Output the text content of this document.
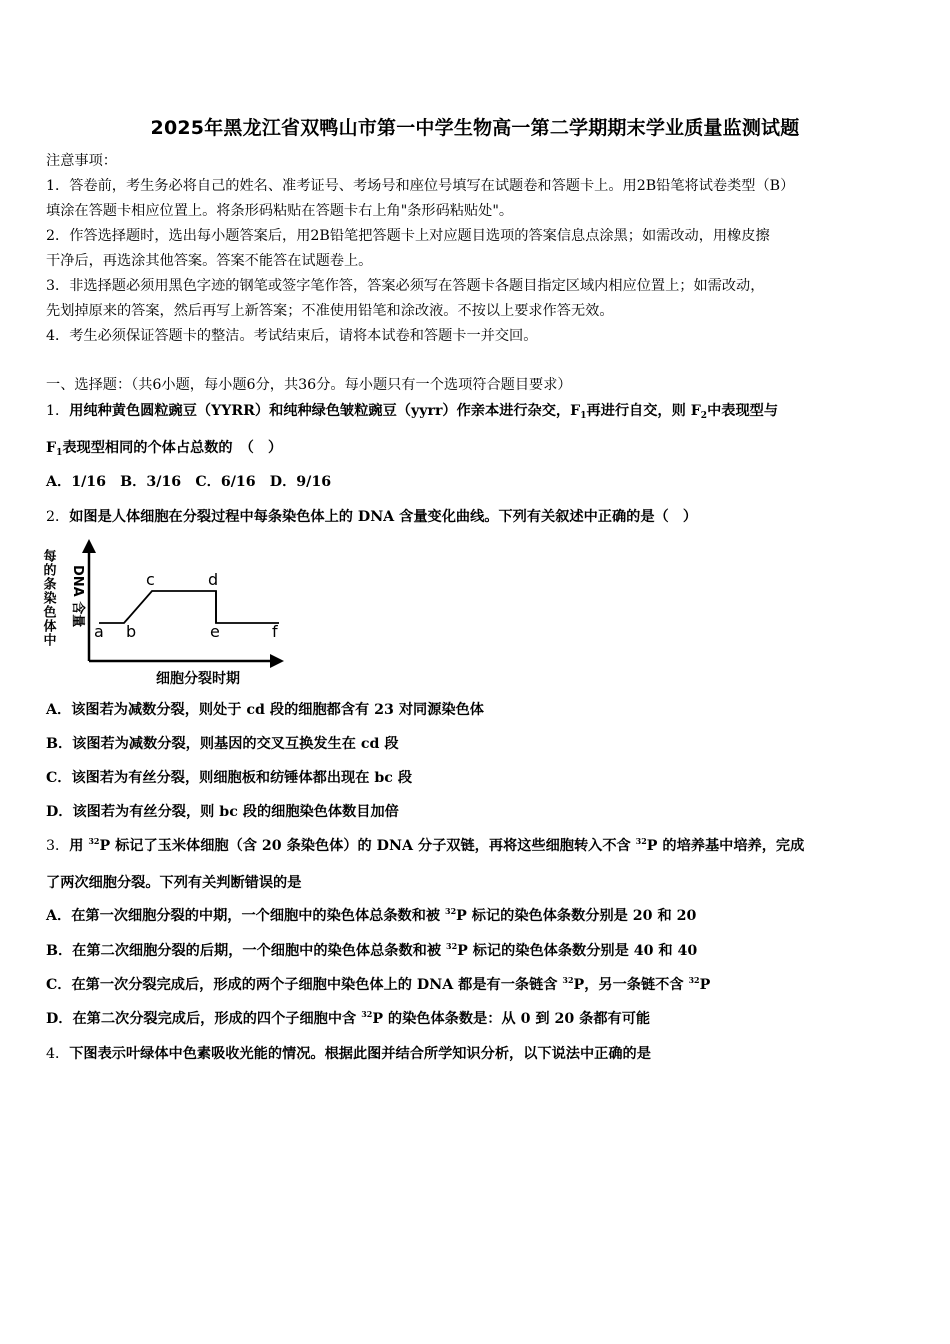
2025年黑龙江省双鸭山市第一中学生物高一第二学期期末学业质量监测试题
注意事项：
1．答卷前，考生务必将自己的姓名、准考证号、考场号和座位号填写在试题卷和答题卡上。用2B铅笔将试卷类型（B）
填涂在答题卡相应位置上。将条形码粘贴在答题卡右上角"条形码粘贴处"。
2．作答选择题时，选出每小题答案后，用2B铅笔把答题卡上对应题目选项的答案信息点涂黑；如需改动，用橡皮擦
干净后，再选涂其他答案。答案不能答在试题卷上。
3．非选择题必须用黑色字迹的钢笔或签字笔作答，答案必须写在答题卡各题目指定区域内相应位置上；如需改动，
先划掉原来的答案，然后再写上新答案；不准使用铅笔和涂改液。不按以上要求作答无效。
4．考生必须保证答题卡的整洁。考试结束后，请将本试卷和答题卡一并交回。
一、选择题：（共6小题，每小题6分，共36分。每小题只有一个选项符合题目要求）
1．用纯种黄色圆粒豌豆（YYRR）和纯种绿色皱粒豌豆（yyrr）作亲本进行杂交，$F_1$再进行自交，则 $F_2$中表现型与
$F_1$表现型相同的个体占总数的　（　）
A．1/16　B．3/16　C．6/16　D．9/16
2．如图是人体细胞在分裂过程中每条染色体上的 DNA 含量变化曲线。下列有关叙述中正确的是（　）
a b
c	d
e	f
每的条染色体中 DNA 含量
细胞分裂时期
A．该图若为减数分裂，则处于 cd 段的细胞都含有 23 对同源染色体
B．该图若为减数分裂，则基因的交叉互换发生在 cd 段
C．该图若为有丝分裂，则细胞板和纺锤体都出现在 bc 段
D．该图若为有丝分裂，则 bc 段的细胞染色体数目加倍
3．用 $^{32}$P 标记了玉米体细胞（含 20 条染色体）的 DNA 分子双链，再将这些细胞转入不含 $^{32}$P 的培养基中培养，完成
了两次细胞分裂。下列有关判断错误的是
A．在第一次细胞分裂的中期，一个细胞中的染色体总条数和被 $^{32}$P 标记的染色体条数分别是 20 和 20
B．在第二次细胞分裂的后期，一个细胞中的染色体总条数和被 $^{32}$P 标记的染色体条数分别是 40 和 40
C．在第一次分裂完成后，形成的两个子细胞中染色体上的 DNA 都是有一条链含 $^{32}$P，另一条链不含 $^{32}$P
D．在第二次分裂完成后，形成的四个子细胞中含 $^{32}$P 的染色体条数是：从 0 到 20 条都有可能
4．下图表示叶绿体中色素吸收光能的情况。根据此图并结合所学知识分析，以下说法中正确的是
